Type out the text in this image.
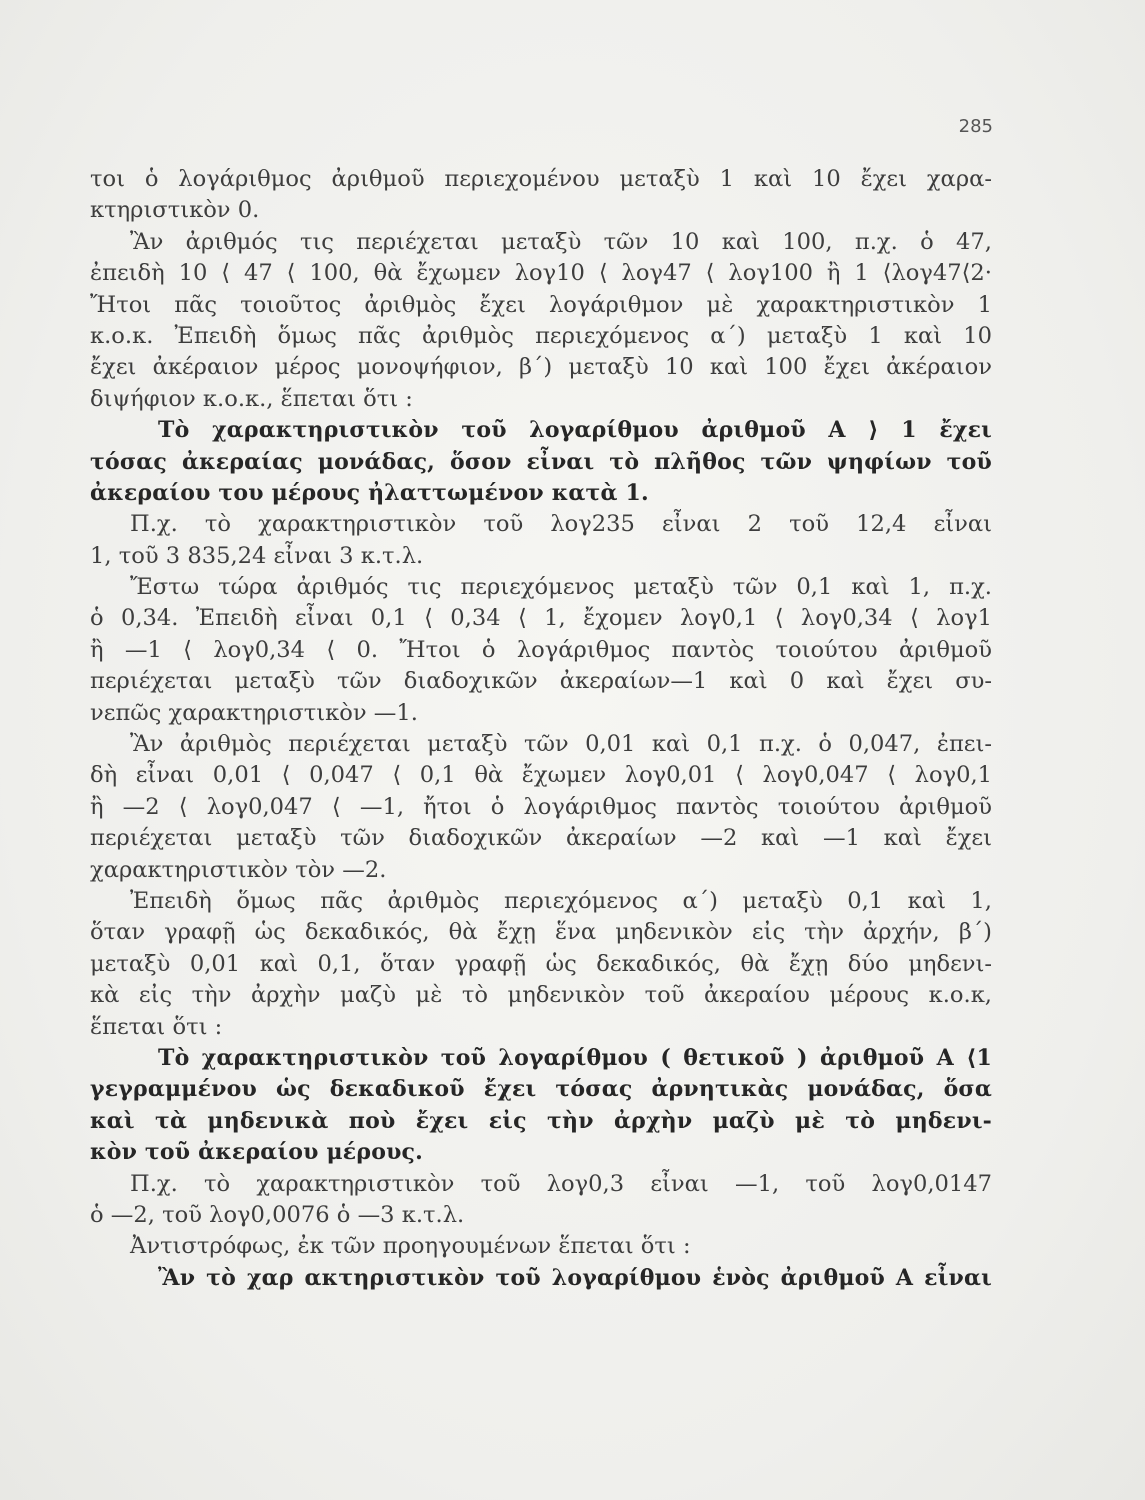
285
τοι ὁ λογάριθμος ἀριθμοῦ περιεχομένου μεταξὺ 1 καὶ 10 ἔχει χαρα-
κτηριστικὸν 0.
Ἂν ἀριθμός τις περιέχεται μεταξὺ τῶν 10 καὶ 100, π.χ. ὁ 47,
ἐπειδὴ 10 ⟨ 47 ⟨ 100, θὰ ἔχωμεν λογ10 ⟨ λογ47 ⟨ λογ100 ἢ 1 ⟨λογ47⟨2·
Ἤτοι πᾶς τοιοῦτος ἀριθμὸς ἔχει λογάριθμον μὲ χαρακτηριστικὸν 1
κ.ο.κ. Ἐπειδὴ ὅμως πᾶς ἀριθμὸς περιεχόμενος α΄) μεταξὺ 1 καὶ 10
ἔχει ἀκέραιον μέρος μονοψήφιον, β΄) μεταξὺ 10 καὶ 100 ἔχει ἀκέραιον
διψήφιον κ.ο.κ., ἕπεται ὅτι :
Τὸ χαρακτηριστικὸν τοῦ λογαρίθμου ἀριθμοῦ Α ⟩ 1 ἔχει
τόσας ἀκεραίας μονάδας, ὅσον εἶναι τὸ πλῆθος τῶν ψηφίων τοῦ
ἀκεραίου του μέρους ἠλαττωμένον κατὰ 1.
Π.χ. τὸ χαρακτηριστικὸν τοῦ λογ235 εἶναι 2 τοῦ 12,4 εἶναι
1, τοῦ 3 835,24 εἶναι 3 κ.τ.λ.
Ἔστω τώρα ἀριθμός τις περιεχόμενος μεταξὺ τῶν 0,1 καὶ 1, π.χ.
ὁ 0,34. Ἐπειδὴ εἶναι 0,1 ⟨ 0,34 ⟨ 1, ἔχομεν λογ0,1 ⟨ λογ0,34 ⟨ λογ1
ἢ —1 ⟨ λογ0,34 ⟨ 0. Ἤτοι ὁ λογάριθμος παντὸς τοιούτου ἀριθμοῦ
περιέχεται μεταξὺ τῶν διαδοχικῶν ἀκεραίων—1 καὶ 0 καὶ ἔχει συ-
νεπῶς χαρακτηριστικὸν —1.
Ἂν ἀριθμὸς περιέχεται μεταξὺ τῶν 0,01 καὶ 0,1 π.χ. ὁ 0,047, ἐπει-
δὴ εἶναι 0,01 ⟨ 0,047 ⟨ 0,1 θὰ ἔχωμεν λογ0,01 ⟨ λογ0,047 ⟨ λογ0,1
ἢ —2 ⟨ λογ0,047 ⟨ —1, ἤτοι ὁ λογάριθμος παντὸς τοιούτου ἀριθμοῦ
περιέχεται μεταξὺ τῶν διαδοχικῶν ἀκεραίων —2 καὶ —1 καὶ ἔχει
χαρακτηριστικὸν τὸν —2.
Ἐπειδὴ ὅμως πᾶς ἀριθμὸς περιεχόμενος α΄) μεταξὺ 0,1 καὶ 1,
ὅταν γραφῇ ὡς δεκαδικός, θὰ ἔχῃ ἕνα μηδενικὸν εἰς τὴν ἀρχήν, β΄)
μεταξὺ 0,01 καὶ 0,1, ὅταν γραφῇ ὡς δεκαδικός, θὰ ἔχῃ δύο μηδενι-
κὰ εἰς τὴν ἀρχὴν μαζὺ μὲ τὸ μηδενικὸν τοῦ ἀκεραίου μέρους κ.ο.κ,
ἕπεται ὅτι :
Τὸ χαρακτηριστικὸν τοῦ λογαρίθμου ( θετικοῦ ) ἀριθμοῦ Α ⟨1
γεγραμμένου ὡς δεκαδικοῦ ἔχει τόσας ἀρνητικὰς μονάδας, ὅσα
καὶ τὰ μηδενικὰ ποὺ ἔχει εἰς τὴν ἀρχὴν μαζὺ μὲ τὸ μηδενι-
κὸν τοῦ ἀκεραίου μέρους.
Π.χ. τὸ χαρακτηριστικὸν τοῦ λογ0,3 εἶναι —1, τοῦ λογ0,0147
ὁ —2, τοῦ λογ0,0076 ὁ —3 κ.τ.λ.
Ἀντιστρόφως, ἐκ τῶν προηγουμένων ἕπεται ὅτι :
Ἂν τὸ χαρ ακτηριστικὸν τοῦ λογαρίθμου ἑνὸς ἀριθμοῦ Α εἶναι
